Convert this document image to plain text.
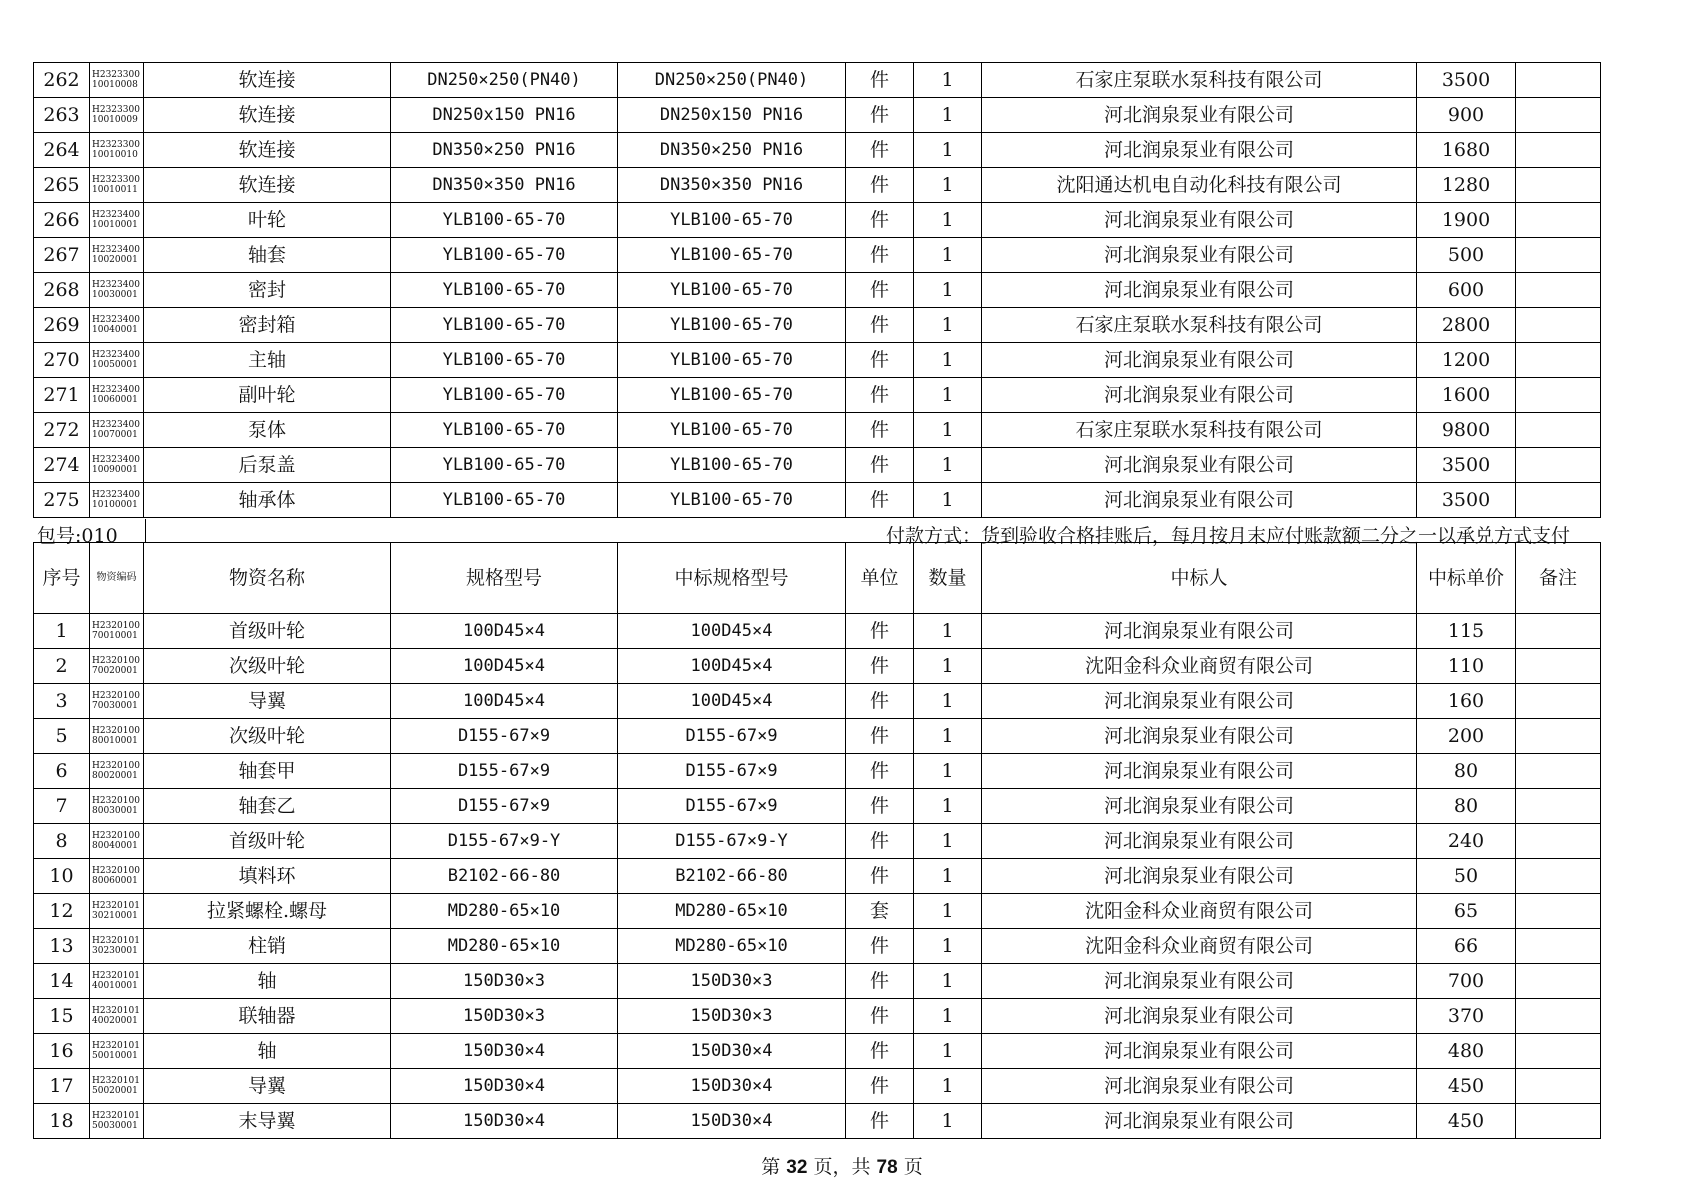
262	H2323300 10010008	软连接	DN250×250(PN40)	DN250×250(PN40)	件	1	石家庄泵联水泵科技有限公司	3500	
263	H2323300 10010009	软连接	DN250x150 PN16	DN250x150 PN16	件	1	河北润泉泵业有限公司	900	
264	H2323300 10010010	软连接	DN350×250 PN16	DN350×250 PN16	件	1	河北润泉泵业有限公司	1680	
265	H2323300 10010011	软连接	DN350×350 PN16	DN350×350 PN16	件	1	沈阳通达机电自动化科技有限公司	1280	
266	H2323400 10010001	叶轮	YLB100-65-70	YLB100-65-70	件	1	河北润泉泵业有限公司	1900	
267	H2323400 10020001	轴套	YLB100-65-70	YLB100-65-70	件	1	河北润泉泵业有限公司	500	
268	H2323400 10030001	密封	YLB100-65-70	YLB100-65-70	件	1	河北润泉泵业有限公司	600	
269	H2323400 10040001	密封箱	YLB100-65-70	YLB100-65-70	件	1	石家庄泵联水泵科技有限公司	2800	
270	H2323400 10050001	主轴	YLB100-65-70	YLB100-65-70	件	1	河北润泉泵业有限公司	1200	
271	H2323400 10060001	副叶轮	YLB100-65-70	YLB100-65-70	件	1	河北润泉泵业有限公司	1600	
272	H2323400 10070001	泵体	YLB100-65-70	YLB100-65-70	件	1	石家庄泵联水泵科技有限公司	9800	
274	H2323400 10090001	后泵盖	YLB100-65-70	YLB100-65-70	件	1	河北润泉泵业有限公司	3500	
275	H2323400 10100001	轴承体	YLB100-65-70	YLB100-65-70	件	1	河北润泉泵业有限公司	3500	
包号:010	付款方式：货到验收合格挂账后，每月按月末应付账款额二分之一以承兑方式支付
序号	物资编码	物资名称	规格型号	中标规格型号	单位	数量	中标人	中标单价	备注
1	H2320100 70010001	首级叶轮	100D45×4	100D45×4	件	1	河北润泉泵业有限公司	115	
2	H2320100 70020001	次级叶轮	100D45×4	100D45×4	件	1	沈阳金科众业商贸有限公司	110	
3	H2320100 70030001	导翼	100D45×4	100D45×4	件	1	河北润泉泵业有限公司	160	
5	H2320100 80010001	次级叶轮	D155-67×9	D155-67×9	件	1	河北润泉泵业有限公司	200	
6	H2320100 80020001	轴套甲	D155-67×9	D155-67×9	件	1	河北润泉泵业有限公司	80	
7	H2320100 80030001	轴套乙	D155-67×9	D155-67×9	件	1	河北润泉泵业有限公司	80	
8	H2320100 80040001	首级叶轮	D155-67×9-Y	D155-67×9-Y	件	1	河北润泉泵业有限公司	240	
10	H2320100 80060001	填料环	B2102-66-80	B2102-66-80	件	1	河北润泉泵业有限公司	50	
12	H2320101 30210001	拉紧螺栓.螺母	MD280-65×10	MD280-65×10	套	1	沈阳金科众业商贸有限公司	65	
13	H2320101 30230001	柱销	MD280-65×10	MD280-65×10	件	1	沈阳金科众业商贸有限公司	66	
14	H2320101 40010001	轴	150D30×3	150D30×3	件	1	河北润泉泵业有限公司	700	
15	H2320101 40020001	联轴器	150D30×3	150D30×3	件	1	河北润泉泵业有限公司	370	
16	H2320101 50010001	轴	150D30×4	150D30×4	件	1	河北润泉泵业有限公司	480	
17	H2320101 50020001	导翼	150D30×4	150D30×4	件	1	河北润泉泵业有限公司	450	
18	H2320101 50030001	末导翼	150D30×4	150D30×4	件	1	河北润泉泵业有限公司	450	
第 32 页，共 78 页
